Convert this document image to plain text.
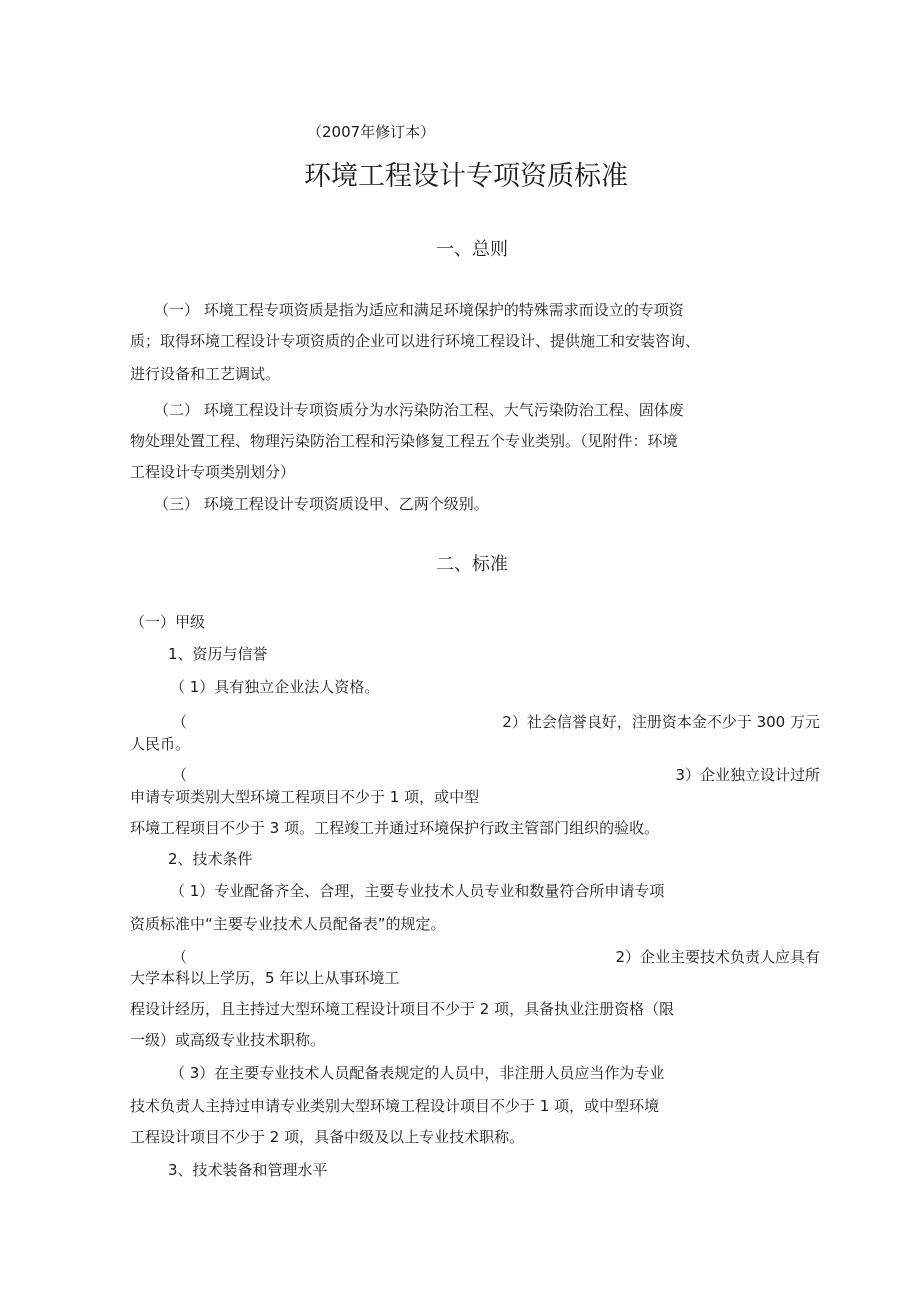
（2007年修订本）
环境工程设计专项资质标准
一、总则
（一） 环境工程专项资质是指为适应和满足环境保护的特殊需求而设立的专项资
质；取得环境工程设计专项资质的企业可以进行环境工程设计、提供施工和安装咨询、
进行设备和工艺调试。
（二） 环境工程设计专项资质分为水污染防治工程、大气污染防治工程、固体废
物处理处置工程、物理污染防治工程和污染修复工程五个专业类别。（见附件：环境
工程设计专项类别划分）
（三） 环境工程设计专项资质设甲、乙两个级别。
二、标准
（一）甲级
1、资历与信誉
（ 1）具有独立企业法人资格。
（	2）社会信誉良好，注册资本金不少于 300 万元
人民币。
（	3）企业独立设计过所
申请专项类别大型环境工程项目不少于 1 项，或中型
环境工程项目不少于 3 项。工程竣工并通过环境保护行政主管部门组织的验收。
2、技术条件
（ 1）专业配备齐全、合理，主要专业技术人员专业和数量符合所申请专项
资质标准中“主要专业技术人员配备表”的规定。
（	2）企业主要技术负责人应具有
大学本科以上学历，5 年以上从事环境工
程设计经历，且主持过大型环境工程设计项目不少于 2 项，具备执业注册资格（限
一级）或高级专业技术职称。
（ 3）在主要专业技术人员配备表规定的人员中，非注册人员应当作为专业
技术负责人主持过申请专业类别大型环境工程设计项目不少于 1 项，或中型环境
工程设计项目不少于 2 项，具备中级及以上专业技术职称。
3、技术装备和管理水平
